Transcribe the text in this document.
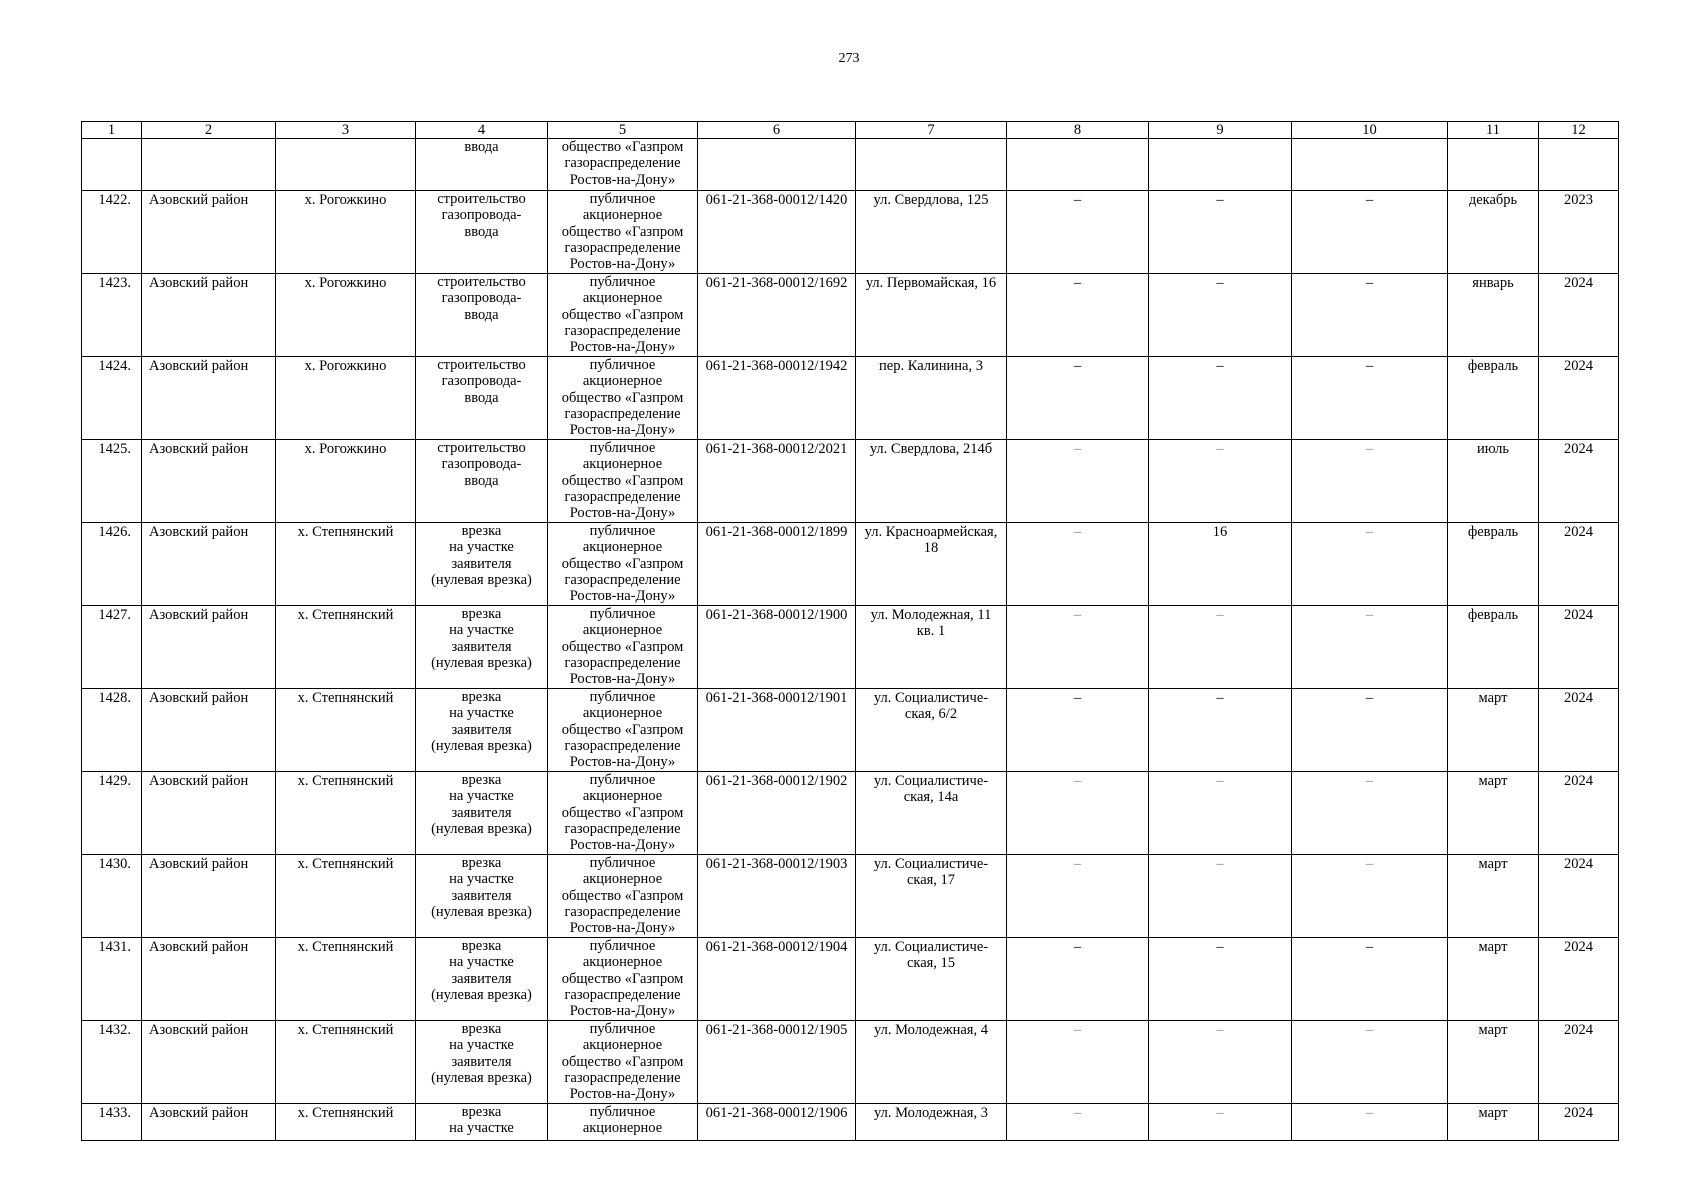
273
1	2	3	4	5	6	7	8	9	10	11	12

			ввода	общество «Газпром
газораспределение
Ростов-на-Дону»							

1422.	Азовский район	х. Рогожкино	строительство
газопровода-
ввода	публичное
акционерное
общество «Газпром
газораспределение
Ростов-на-Дону»	061-21-368-00012/1420	ул. Свердлова, 125	–	–	–	декабрь	2023
1423.	Азовский район	х. Рогожкино	строительство
газопровода-
ввода	публичное
акционерное
общество «Газпром
газораспределение
Ростов-на-Дону»	061-21-368-00012/1692	ул. Первомайская, 16	–	–	–	январь	2024
1424.	Азовский район	х. Рогожкино	строительство
газопровода-
ввода	публичное
акционерное
общество «Газпром
газораспределение
Ростов-на-Дону»	061-21-368-00012/1942	пер. Калинина, 3	–	–	–	февраль	2024
1425.	Азовский район	х. Рогожкино	строительство
газопровода-
ввода	публичное
акционерное
общество «Газпром
газораспределение
Ростов-на-Дону»	061-21-368-00012/2021	ул. Свердлова, 214б	–	–	–	июль	2024
1426.	Азовский район	х. Степнянский	врезка
на участке
заявителя
(нулевая врезка)	публичное
акционерное
общество «Газпром
газораспределение
Ростов-на-Дону»	061-21-368-00012/1899	ул. Красноармейская,
18	–	16	–	февраль	2024
1427.	Азовский район	х. Степнянский	врезка
на участке
заявителя
(нулевая врезка)	публичное
акционерное
общество «Газпром
газораспределение
Ростов-на-Дону»	061-21-368-00012/1900	ул. Молодежная, 11
кв. 1	–	–	–	февраль	2024
1428.	Азовский район	х. Степнянский	врезка
на участке
заявителя
(нулевая врезка)	публичное
акционерное
общество «Газпром
газораспределение
Ростов-на-Дону»	061-21-368-00012/1901	ул. Социалистиче-
ская, 6/2	–	–	–	март	2024
1429.	Азовский район	х. Степнянский	врезка
на участке
заявителя
(нулевая врезка)	публичное
акционерное
общество «Газпром
газораспределение
Ростов-на-Дону»	061-21-368-00012/1902	ул. Социалистиче-
ская, 14а	–	–	–	март	2024
1430.	Азовский район	х. Степнянский	врезка
на участке
заявителя
(нулевая врезка)	публичное
акционерное
общество «Газпром
газораспределение
Ростов-на-Дону»	061-21-368-00012/1903	ул. Социалистиче-
ская, 17	–	–	–	март	2024
1431.	Азовский район	х. Степнянский	врезка
на участке
заявителя
(нулевая врезка)	публичное
акционерное
общество «Газпром
газораспределение
Ростов-на-Дону»	061-21-368-00012/1904	ул. Социалистиче-
ская, 15	–	–	–	март	2024
1432.	Азовский район	х. Степнянский	врезка
на участке
заявителя
(нулевая врезка)	публичное
акционерное
общество «Газпром
газораспределение
Ростов-на-Дону»	061-21-368-00012/1905	ул. Молодежная, 4	–	–	–	март	2024
1433.	Азовский район	х. Степнянский	врезка
на участке	публичное
акционерное	061-21-368-00012/1906	ул. Молодежная, 3	–	–	–	март	2024
